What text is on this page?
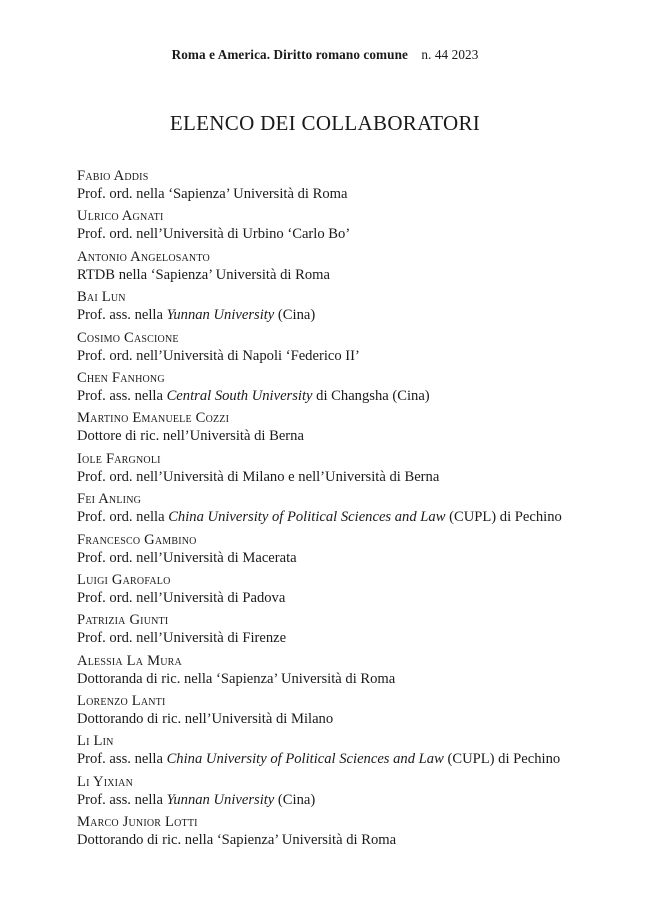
Roma e America. Diritto romano comune n. 44 2023
ELENCO DEI COLLABORATORI
Fabio Addis
Prof. ord. nella ‘Sapienza’ Università di Roma
Ulrico Agnati
Prof. ord. nell’Università di Urbino ‘Carlo Bo’
Antonio Angelosanto
RTDB nella ‘Sapienza’ Università di Roma
Bai Lun
Prof. ass. nella Yunnan University (Cina)
Cosimo Cascione
Prof. ord. nell’Università di Napoli ‘Federico II’
Chen Fanhong
Prof. ass. nella Central South University di Changsha (Cina)
Martino Emanuele Cozzi
Dottore di ric. nell’Università di Berna
Iole Fargnoli
Prof. ord. nell’Università di Milano e nell’Università di Berna
Fei Anling
Prof. ord. nella China University of Political Sciences and Law (CUPL) di Pechino
Francesco Gambino
Prof. ord. nell’Università di Macerata
Luigi Garofalo
Prof. ord. nell’Università di Padova
Patrizia Giunti
Prof. ord. nell’Università di Firenze
Alessia La Mura
Dottoranda di ric. nella ‘Sapienza’ Università di Roma
Lorenzo Lanti
Dottorando di ric. nell’Università di Milano
Li Lin
Prof. ass. nella China University of Political Sciences and Law (CUPL) di Pechino
Li Yixian
Prof. ass. nella Yunnan University (Cina)
Marco Junior Lotti
Dottorando di ric. nella ‘Sapienza’ Università di Roma
